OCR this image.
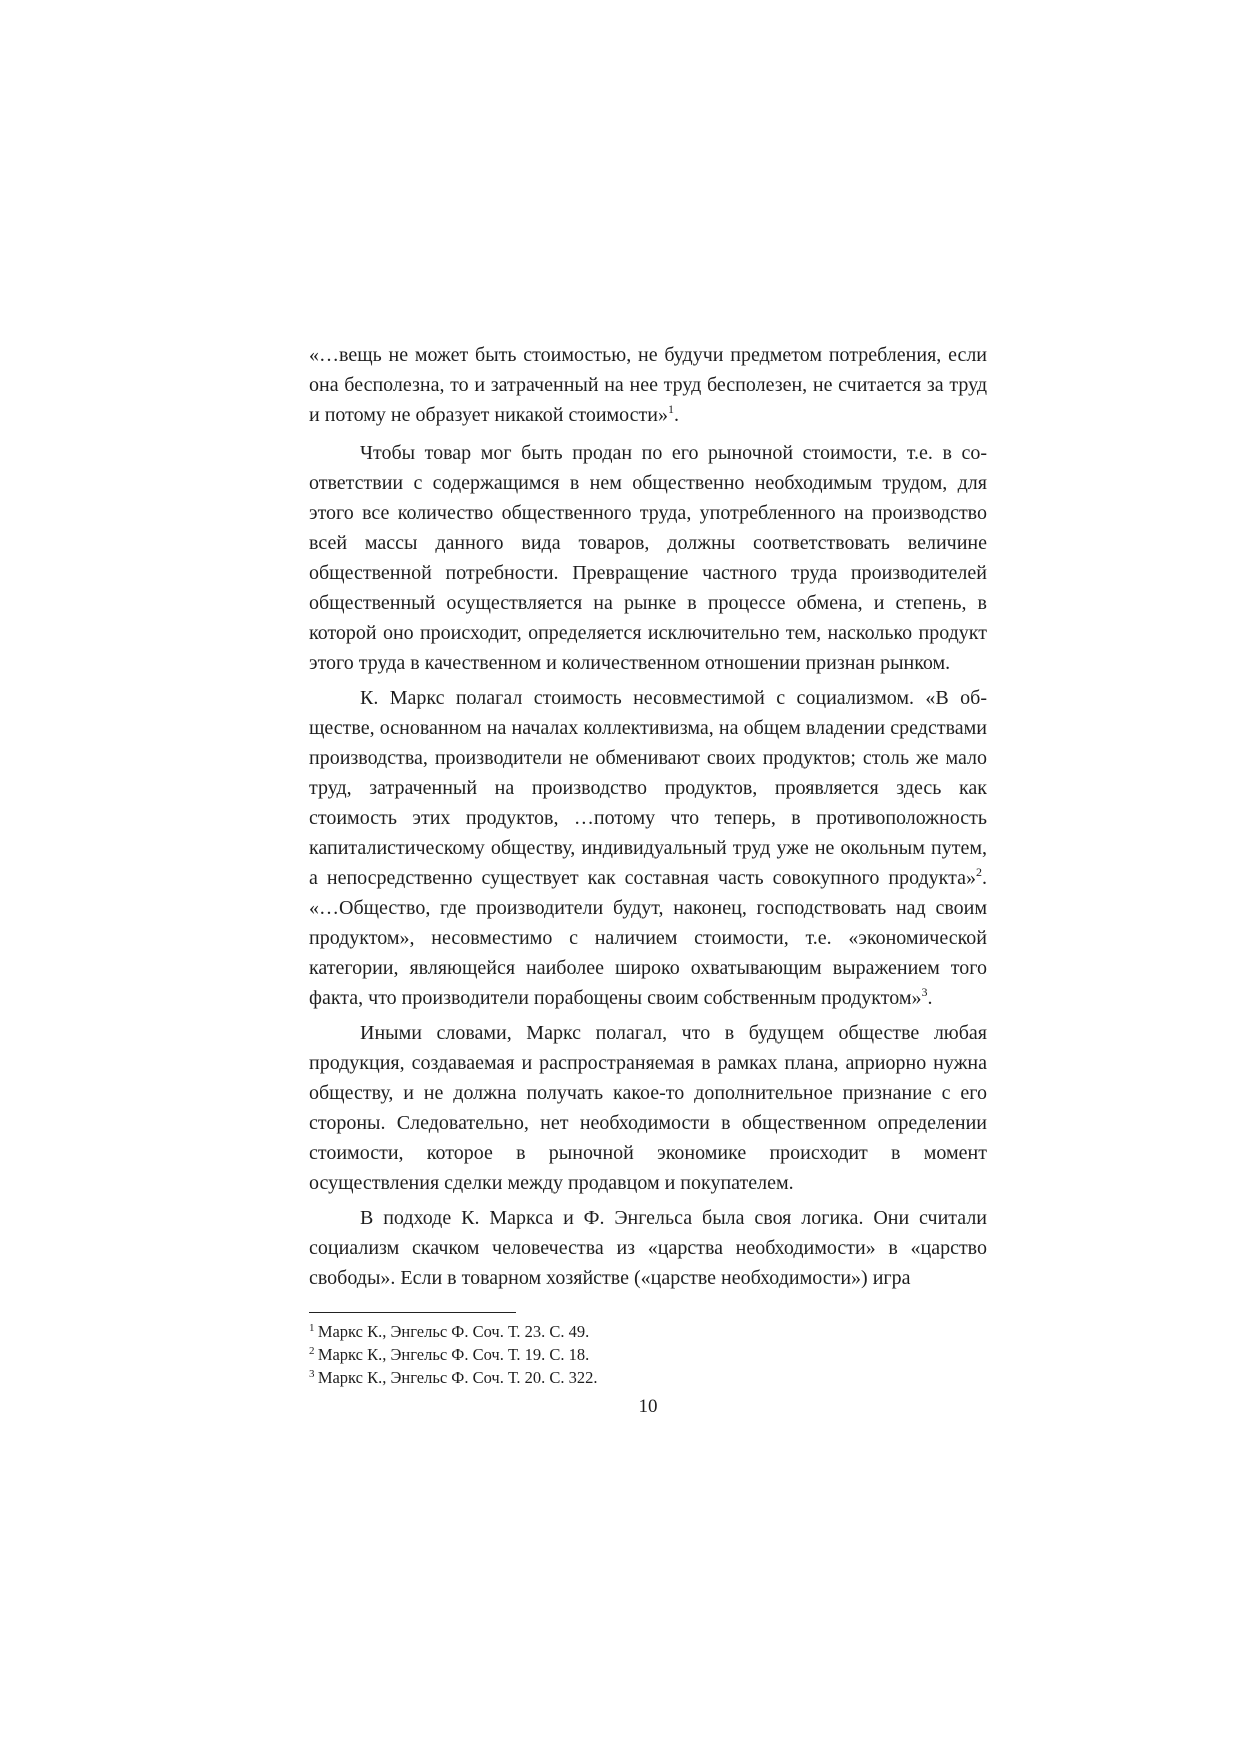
«…вещь не может быть стоимостью, не будучи предметом потребления, если она бесполезна, то и затраченный на нее труд бесполезен, не считается за труд и потому не образует никакой стоимости»$^1$.

Чтобы товар мог быть продан по его рыночной стоимости, т.е. в соответствии с содержащимся в нем общественно необходимым трудом, для этого все количество общественного труда, употребленного на производство всей массы данного вида товаров, должны соответствовать величине общественной потребности. Превращение частного труда производителей общественный осуществляется на рынке в процессе обмена, и степень, в которой оно происходит, определяется исключительно тем, насколько продукт этого труда в качественном и количественном отношении признан рынком.

К. Маркс полагал стоимость несовместимой с социализмом. «В обществе, основанном на началах коллективизма, на общем владении средствами производства, производители не обменивают своих продуктов; столь же мало труд, затраченный на производство продуктов, проявляется здесь как стоимость этих продуктов, …потому что теперь, в противоположность капиталистическому обществу, индивидуальный труд уже не окольным путем, а непосредственно существует как составная часть совокупного продукта»$^2$. «…Общество, где производители будут, наконец, господствовать над своим продуктом», несовместимо с наличием стоимости, т.е. «экономической категории, являющейся наиболее широко охватывающим выражением того факта, что производители порабощены своим собственным продуктом»$^3$.

Иными словами, Маркс полагал, что в будущем обществе любая продукция, создаваемая и распространяемая в рамках плана, априорно нужна обществу, и не должна получать какое-то дополнительное признание с его стороны. Следовательно, нет необходимости в общественном определении стоимости, которое в рыночной экономике происходит в момент осуществления сделки между продавцом и покупателем.

В подходе К. Маркса и Ф. Энгельса была своя логика. Они считали социализм скачком человечества из «царства необходимости» в «царство свободы». Если в товарном хозяйстве («царстве необходимости») игра

$^1$  Маркс К., Энгельс Ф. Соч. Т. 23. С. 49.

$^2$  Маркс К., Энгельс Ф. Соч. Т. 19. С. 18.

$^3$  Маркс К., Энгельс Ф. Соч. Т. 20. С. 322.

10
